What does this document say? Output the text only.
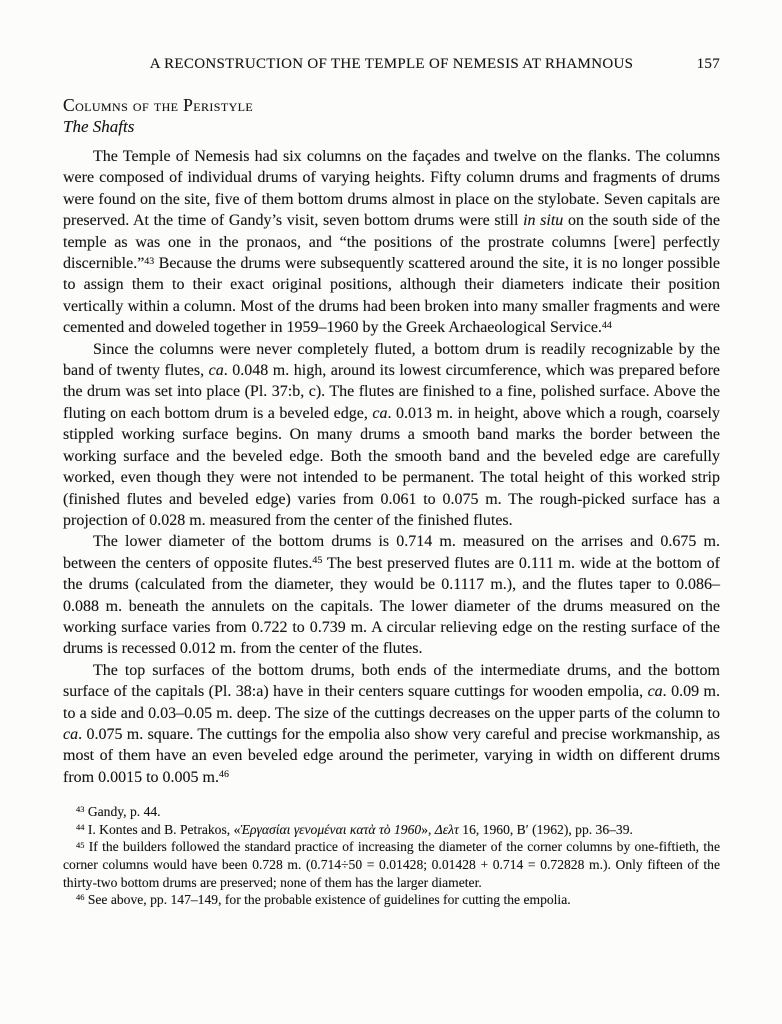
A RECONSTRUCTION OF THE TEMPLE OF NEMESIS AT RHAMNOUS	157
Columns of the Peristyle
The Shafts

The Temple of Nemesis had six columns on the façades and twelve on the flanks. The columns were composed of individual drums of varying heights. Fifty column drums and fragments of drums were found on the site, five of them bottom drums almost in place on the stylobate. Seven capitals are preserved. At the time of Gandy’s visit, seven bottom drums were still in situ on the south side of the temple as was one in the pronaos, and “the positions of the prostrate columns [were] perfectly discernible.”$^{43}$ Because the drums were subsequently scattered around the site, it is no longer possible to assign them to their exact original positions, although their diameters indicate their position vertically within a column. Most of the drums had been broken into many smaller fragments and were cemented and doweled together in 1959–1960 by the Greek Archaeological Service.$^{44}$

Since the columns were never completely fluted, a bottom drum is readily recognizable by the band of twenty flutes, ca. 0.048 m. high, around its lowest circumference, which was prepared before the drum was set into place (Pl. 37:b, c). The flutes are finished to a fine, polished surface. Above the fluting on each bottom drum is a beveled edge, ca. 0.013 m. in height, above which a rough, coarsely stippled working surface begins. On many drums a smooth band marks the border between the working surface and the beveled edge. Both the smooth band and the beveled edge are carefully worked, even though they were not intended to be permanent. The total height of this worked strip (finished flutes and beveled edge) varies from 0.061 to 0.075 m. The rough-picked surface has a projection of 0.028 m. measured from the center of the finished flutes.

The lower diameter of the bottom drums is 0.714 m. measured on the arrises and 0.675 m. between the centers of opposite flutes.$^{45}$ The best preserved flutes are 0.111 m. wide at the bottom of the drums (calculated from the diameter, they would be 0.1117 m.), and the flutes taper to 0.086–0.088 m. beneath the annulets on the capitals. The lower diameter of the drums measured on the working surface varies from 0.722 to 0.739 m. A circular relieving edge on the resting surface of the drums is recessed 0.012 m. from the center of the flutes.

The top surfaces of the bottom drums, both ends of the intermediate drums, and the bottom surface of the capitals (Pl. 38:a) have in their centers square cuttings for wooden empolia, ca. 0.09 m. to a side and 0.03–0.05 m. deep. The size of the cuttings decreases on the upper parts of the column to ca. 0.075 m. square. The cuttings for the empolia also show very careful and precise workmanship, as most of them have an even beveled edge around the perimeter, varying in width on different drums from 0.0015 to 0.005 m.$^{46}$

$^{43}$ Gandy, p. 44.

$^{44}$ I. Kontes and B. Petrakos, «Ἐργασίαι γενομέναι κατὰ τὸ 1960», Δελτ 16, 1960, Β′ (1962), pp. 36–39.

$^{45}$ If the builders followed the standard practice of increasing the diameter of the corner columns by one-fiftieth, the corner columns would have been 0.728 m. (0.714÷50 = 0.01428; 0.01428 + 0.714 = 0.72828 m.). Only fifteen of the thirty-two bottom drums are preserved; none of them has the larger diameter.

$^{46}$ See above, pp. 147–149, for the probable existence of guidelines for cutting the empolia.
